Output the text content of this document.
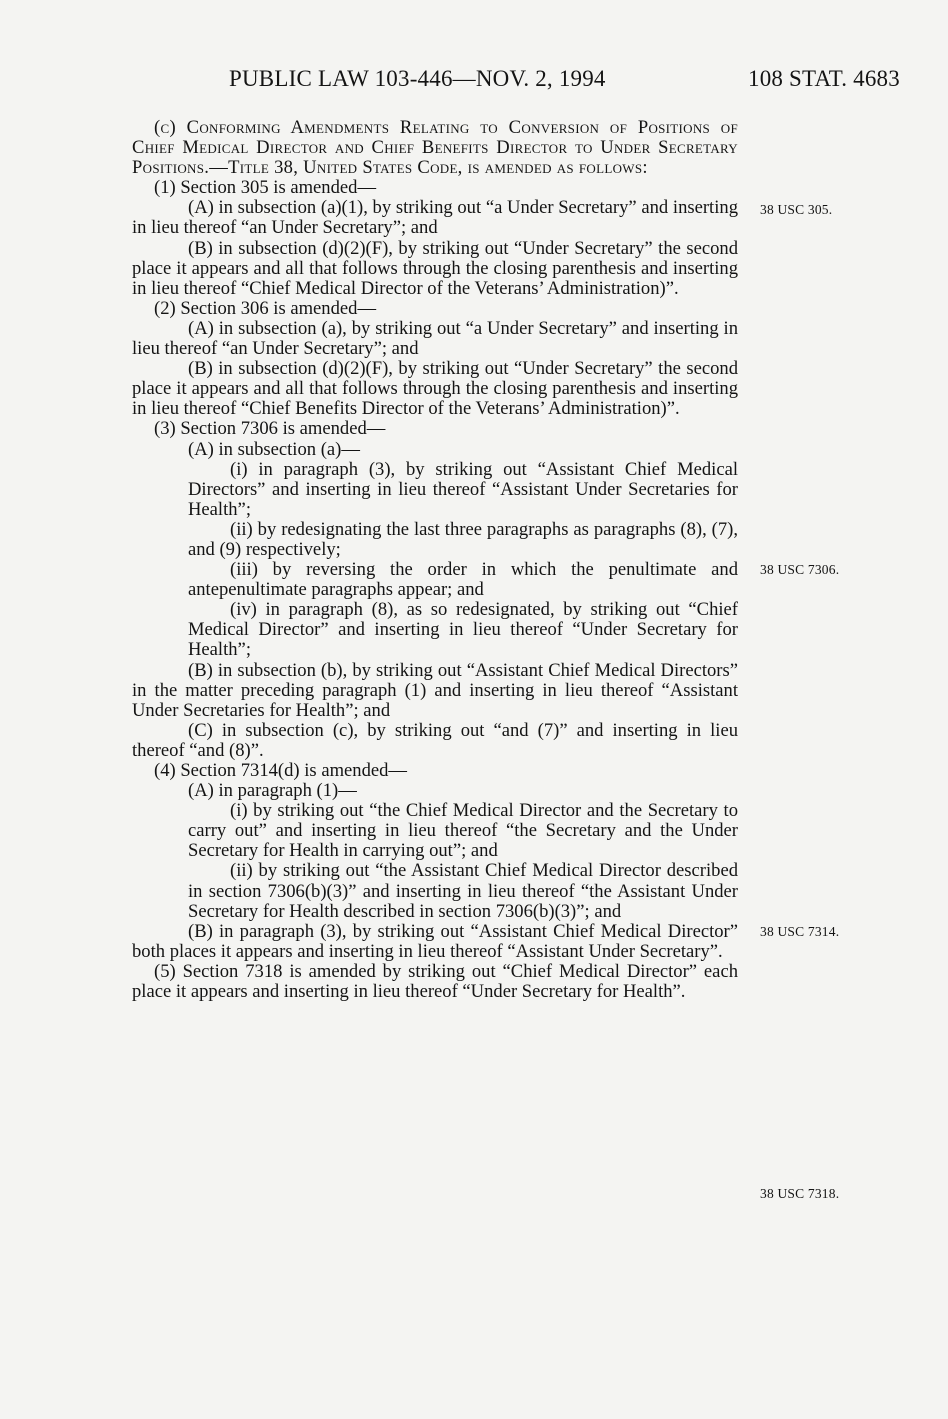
PUBLIC LAW 103-446—NOV. 2, 1994	108 STAT. 4683

(c) Conforming Amendments Relating to Conversion of Positions of Chief Medical Director and Chief Benefits Director to Under Secretary Positions.—Title 38, United States Code, is amended as follows:

(1) Section 305 is amended—

(A) in subsection (a)(1), by striking out “a Under Secretary” and inserting in lieu thereof “an Under Secretary”; and

(B) in subsection (d)(2)(F), by striking out “Under Secretary” the second place it appears and all that follows through the closing parenthesis and inserting in lieu thereof “Chief Medical Director of the Veterans’ Administration)”.

(2) Section 306 is amended—

(A) in subsection (a), by striking out “a Under Secretary” and inserting in lieu thereof “an Under Secretary”; and

(B) in subsection (d)(2)(F), by striking out “Under Secretary” the second place it appears and all that follows through the closing parenthesis and inserting in lieu thereof “Chief Benefits Director of the Veterans’ Administration)”.

(3) Section 7306 is amended—

(A) in subsection (a)—

(i) in paragraph (3), by striking out “Assistant Chief Medical Directors” and inserting in lieu thereof “Assistant Under Secretaries for Health”;

(ii) by redesignating the last three paragraphs as paragraphs (8), (7), and (9) respectively;

(iii) by reversing the order in which the penultimate and antepenultimate paragraphs appear; and

(iv) in paragraph (8), as so redesignated, by striking out “Chief Medical Director” and inserting in lieu thereof “Under Secretary for Health”;

(B) in subsection (b), by striking out “Assistant Chief Medical Directors” in the matter preceding paragraph (1) and inserting in lieu thereof “Assistant Under Secretaries for Health”; and

(C) in subsection (c), by striking out “and (7)” and inserting in lieu thereof “and (8)”.

(4) Section 7314(d) is amended—

(A) in paragraph (1)—

(i) by striking out “the Chief Medical Director and the Secretary to carry out” and inserting in lieu thereof “the Secretary and the Under Secretary for Health in carrying out”; and

(ii) by striking out “the Assistant Chief Medical Director described in section 7306(b)(3)” and inserting in lieu thereof “the Assistant Under Secretary for Health described in section 7306(b)(3)”; and

(B) in paragraph (3), by striking out “Assistant Chief Medical Director” both places it appears and inserting in lieu thereof “Assistant Under Secretary”.

(5) Section 7318 is amended by striking out “Chief Medical Director” each place it appears and inserting in lieu thereof “Under Secretary for Health”.

38 USC 305.
38 USC 7306.
38 USC 7314.
38 USC 7318.
